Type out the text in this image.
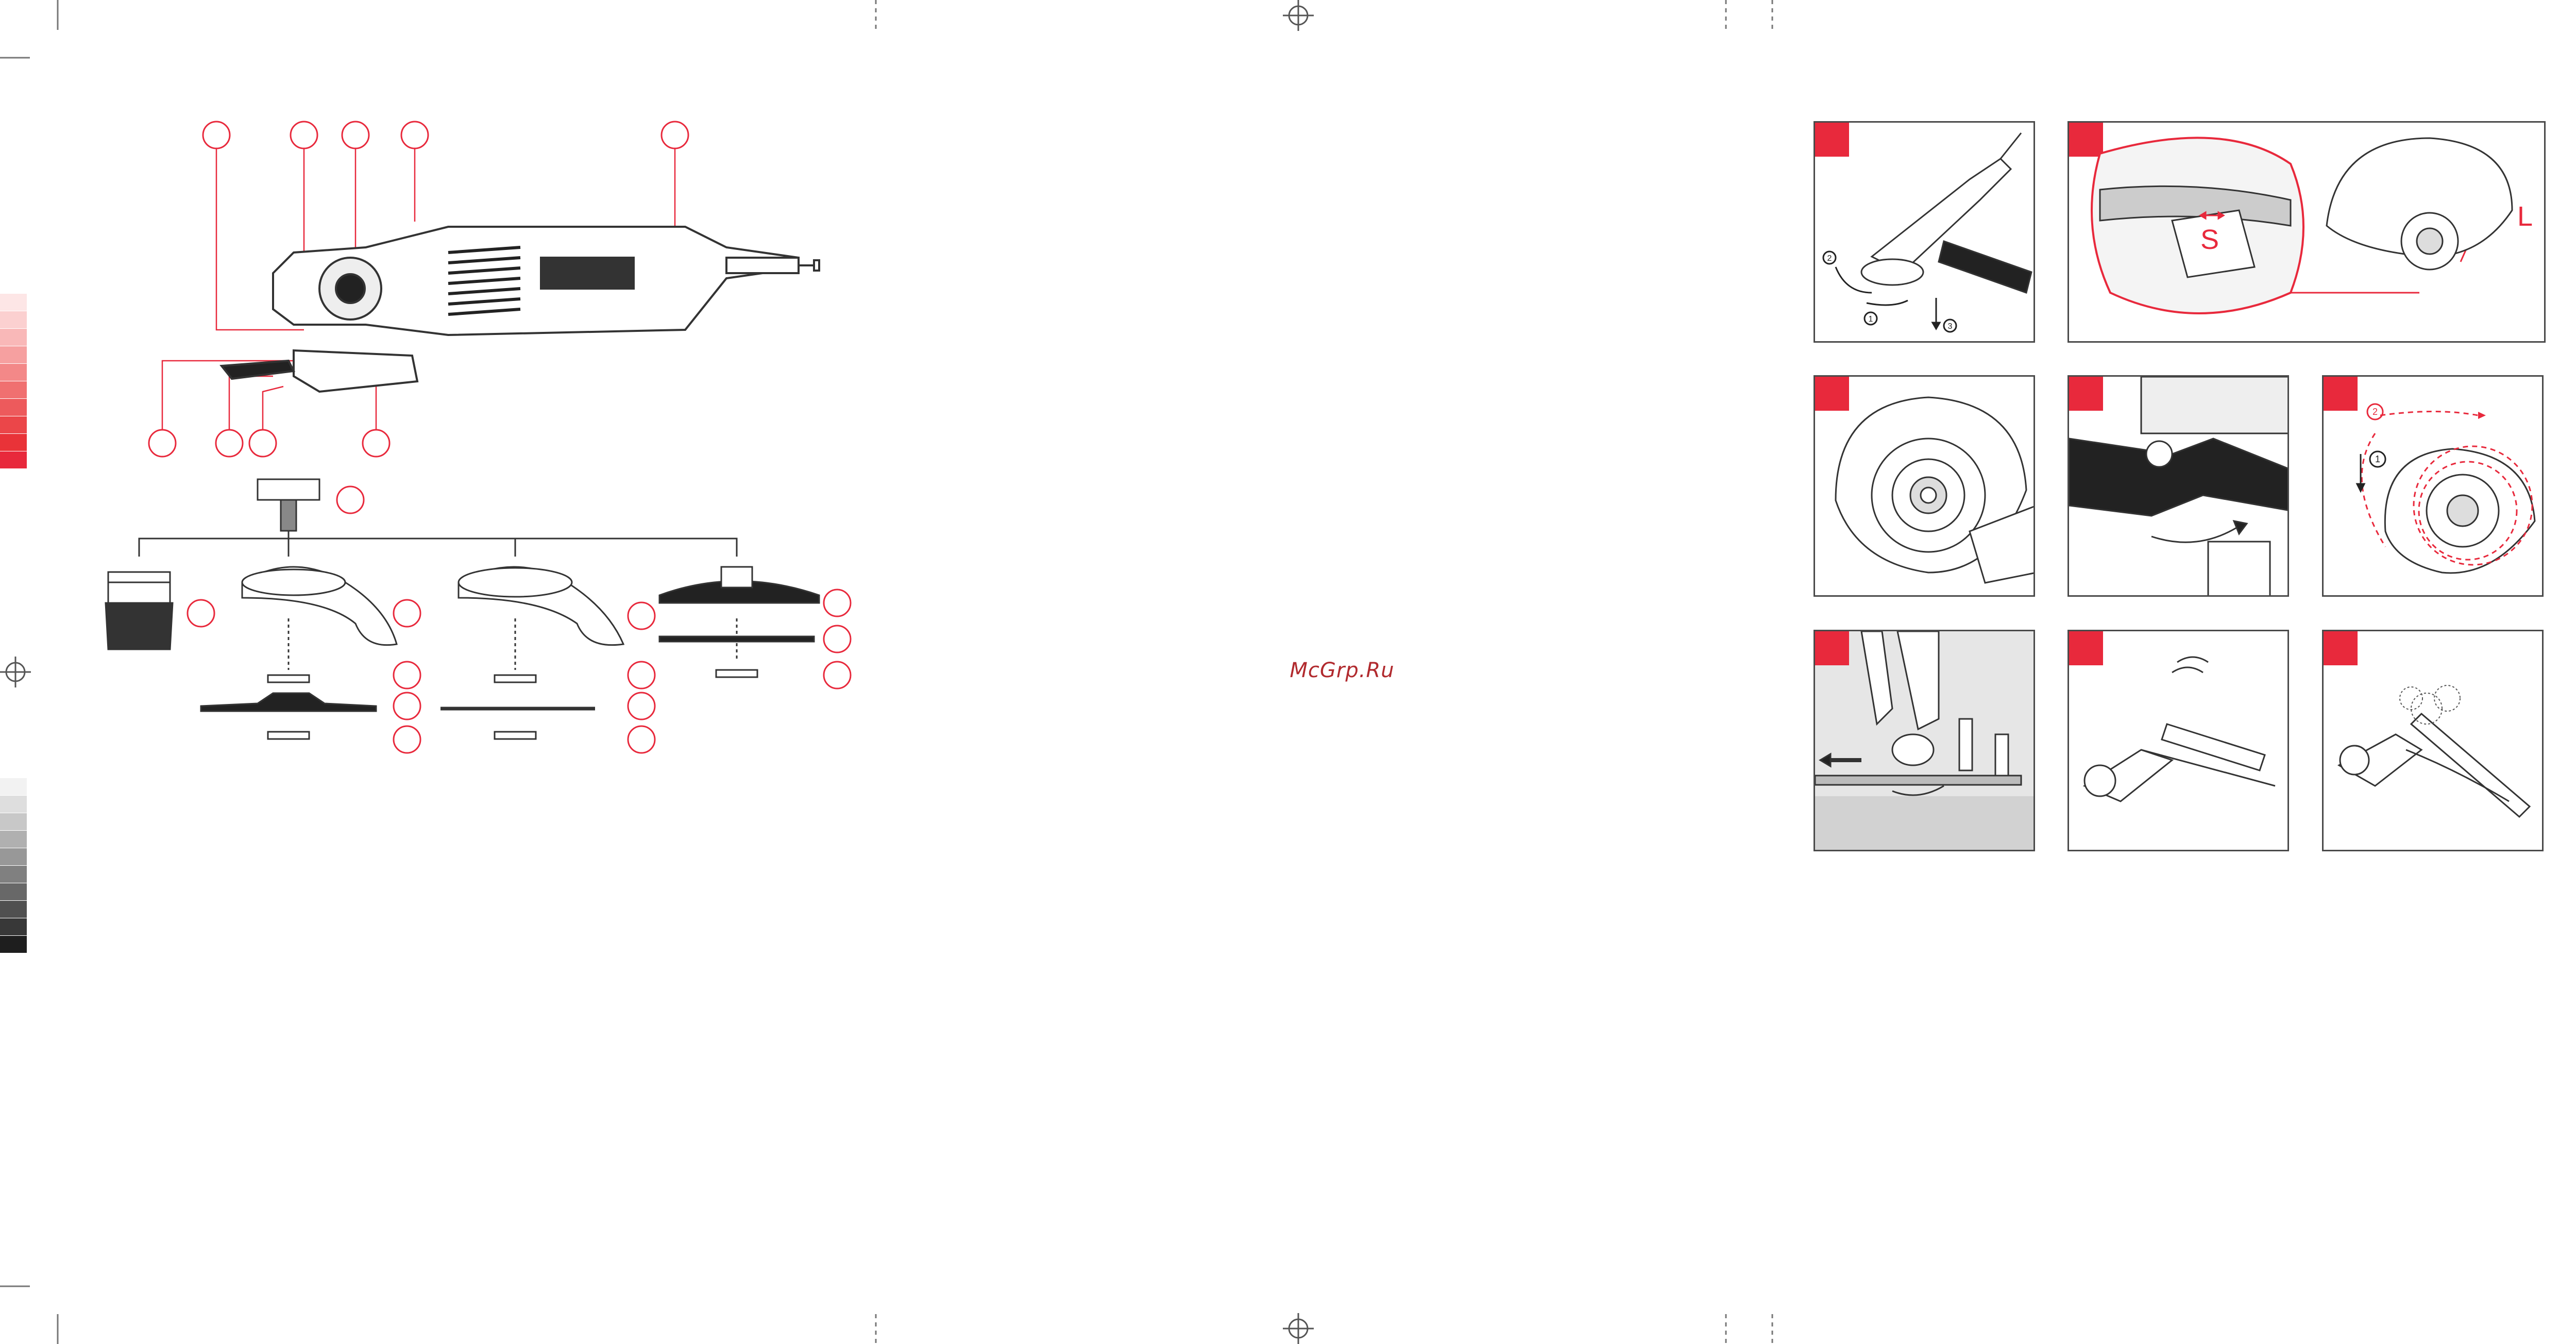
McGrp.Ru
2
1
3
S
L
1
2
